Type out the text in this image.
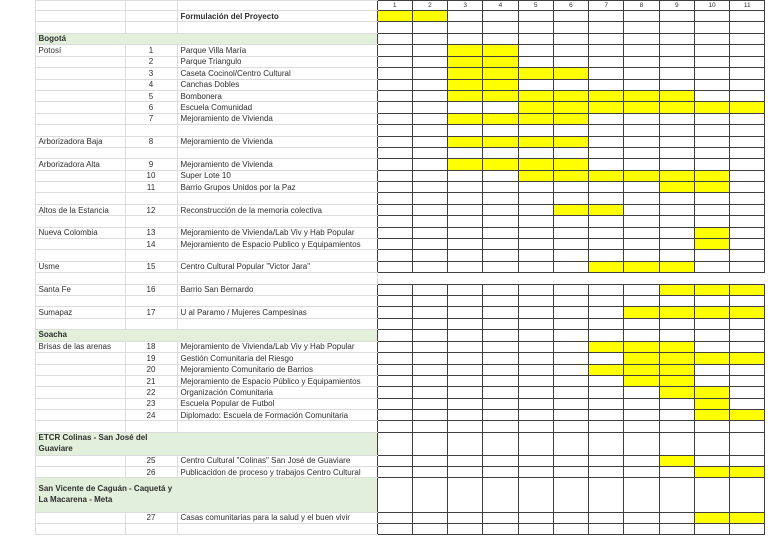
				1	2	3	4	5	6	7	8	9	10	11
			Formulación del Proyecto											

	Bogotá													

	Potosí	1	Parque Villa María											
		2	Parque Triangulo											
		3	Caseta Cocinol/Centro Cultural											
		4	Canchas Dobles											
		5	Bombonera											
		6	Escuela Comunidad											
		7	Mejoramiento de Vivienda											

	Arborizadora Baja	8	Mejoramiento de Vivienda											

	Arborizadora Alta	9	Mejoramiento de Vivienda											
		10	Super Lote 10											
		11	Barrio Grupos Unidos por la Paz											

	Altos de la Estancia	12	Reconstrucción de la memoria colectiva											

	Nueva Colombia	13	Mejoramiento de Vivienda/Lab Viv y Hab Popular											
		14	Mejoramiento de Espacio Publico y Equipamientos											

	Usme	15	Centro Cultural Popular "Victor Jara"											

	Santa Fe	16	Barrio San Bernardo											

	Sumapaz	17	U al Paramo / Mujeres Campesinas											

	Soacha													

	Brisas de las arenas	18	Mejoramiento de Vivienda/Lab Viv y Hab Popular											
		19	Gestión Comunitaria del Riesgo											
		20	Mejoramiento Comunitario de Barrios											
		21	Mejoramiento de Espacio Público y Equipamientos											
		22	Organización Comunitaria											
		23	Escuela Popular de Futbol											
		24	Diplomado: Escuela de Formación Comunitaria											

	ETCR Colinas - San José del Guaviare													

		25	Centro Cultural "Colinas" San José de Guaviare											
		26	Publicacidon de proceso y trabajos Centro Cultural											

	San Vicente de Caguán - Caquetá y La Macarena - Meta													

		27	Casas comunitarias para la salud y el buen vivir											
